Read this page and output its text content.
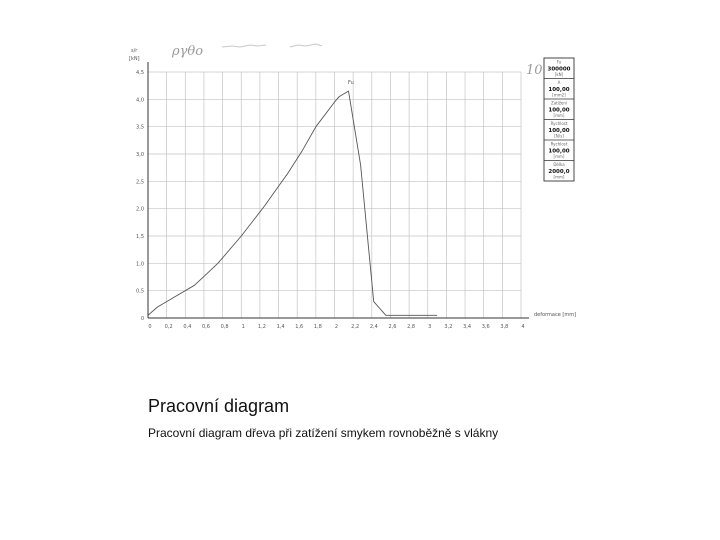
0
0,5
1,0
1,5
2,0
2,5
3,0
3,5
4,0
4,5
0	0,2 0,4 0,6 0,8	1	1,2 1,4 1,6 1,8	2	2,2 2,4 2,6 2,8	3	3,2 3,4 3,6 3,8	4
s/r
[kN]
deformace [mm]
Fu
ργθο
10
Fu
300000
[kN]
A
100,00
[mm2]
Zatížení
100,00
[mm]
Rychlost
100,00
[N/s]
Rychlost
100,00
[mm]
Délka
2000,0
[mm]
Pracovní diagram
Pracovní diagram dřeva při zatížení smykem rovnoběžně s vlákny
